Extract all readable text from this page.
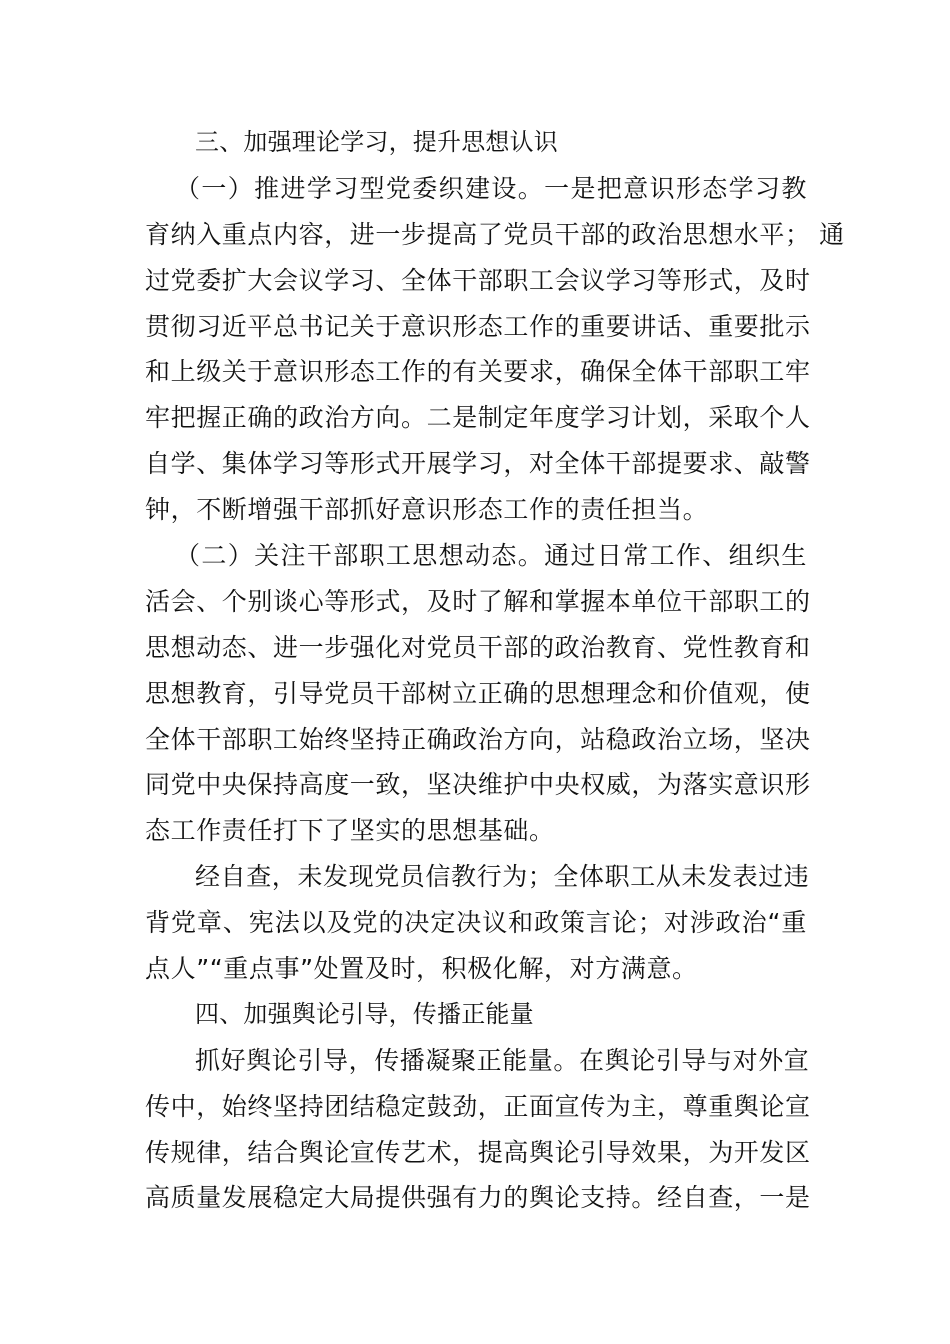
三、加强理论学习，提升思想认识
（一）推进学习型党委织建设。一是把意识形态学习教
育纳入重点内容，进一步提高了党员干部的政治思想水平； 通
过党委扩大会议学习、全体干部职工会议学习等形式，及时
贯彻习近平总书记关于意识形态工作的重要讲话、重要批示
和上级关于意识形态工作的有关要求，确保全体干部职工牢
牢把握正确的政治方向。二是制定年度学习计划，采取个人
自学、集体学习等形式开展学习，对全体干部提要求、敲警
钟，不断增强干部抓好意识形态工作的责任担当。
（二）关注干部职工思想动态。通过日常工作、组织生
活会、个别谈心等形式，及时了解和掌握本单位干部职工的
思想动态、进一步强化对党员干部的政治教育、党性教育和
思想教育，引导党员干部树立正确的思想理念和价值观，使
全体干部职工始终坚持正确政治方向，站稳政治立场，坚决
同党中央保持高度一致，坚决维护中央权威，为落实意识形
态工作责任打下了坚实的思想基础。
经自查，未发现党员信教行为；全体职工从未发表过违
背党章、宪法以及党的决定决议和政策言论；对涉政治“重
点人”“重点事”处置及时，积极化解，对方满意。
四、加强舆论引导，传播正能量
抓好舆论引导，传播凝聚正能量。在舆论引导与对外宣
传中，始终坚持团结稳定鼓劲，正面宣传为主，尊重舆论宣
传规律，结合舆论宣传艺术，提高舆论引导效果，为开发区
高质量发展稳定大局提供强有力的舆论支持。经自查，一是
